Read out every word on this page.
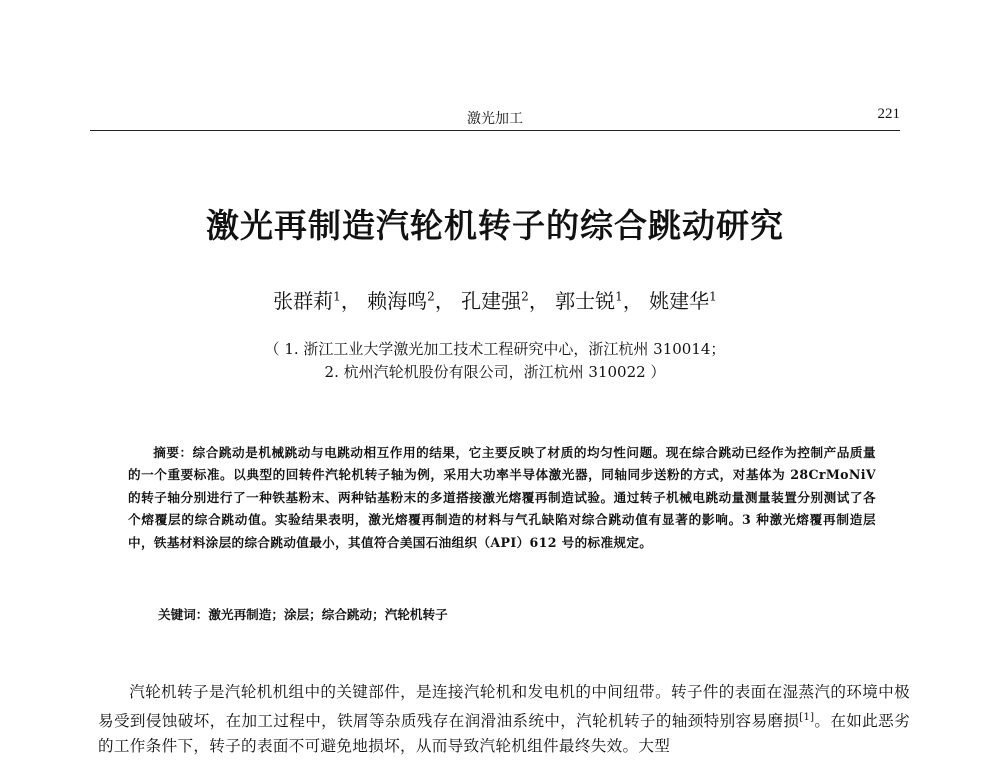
激光加工	221
激光再制造汽轮机转子的综合跳动研究
张群莉$^1$， 赖海鸣$^2$， 孔建强$^2$， 郭士锐$^1$， 姚建华$^1$
（ 1. 浙江工业大学激光加工技术工程研究中心，浙江杭州 310014；
2. 杭州汽轮机股份有限公司，浙江杭州 310022 ）
摘要：综合跳动是机械跳动与电跳动相互作用的结果，它主要反映了材质的均匀性问题。现在综合跳动已经作为控制产品质量的一个重要标准。以典型的回转件汽轮机转子轴为例，采用大功率半导体激光器，同轴同步送粉的方式，对基体为 28CrMoNiV 的转子轴分别进行了一种铁基粉末、两种钴基粉末的多道搭接激光熔覆再制造试验。通过转子机械电跳动量测量装置分别测试了各个熔覆层的综合跳动值。实验结果表明，激光熔覆再制造的材料与气孔缺陷对综合跳动值有显著的影响。3 种激光熔覆再制造层中，铁基材料涂层的综合跳动值最小，其值符合美国石油组织（API）612 号的标准规定。
关键词：激光再制造；涂层；综合跳动；汽轮机转子
汽轮机转子是汽轮机机组中的关键部件，是连接汽轮机和发电机的中间纽带。转子件的表面在湿蒸汽的环境中极易受到侵蚀破坏，在加工过程中，铁屑等杂质残存在润滑油系统中，汽轮机转子的轴颈特别容易磨损[1]。在如此恶劣的工作条件下，转子的表面不可避免地损坏，从而导致汽轮机组件最终失效。大型
